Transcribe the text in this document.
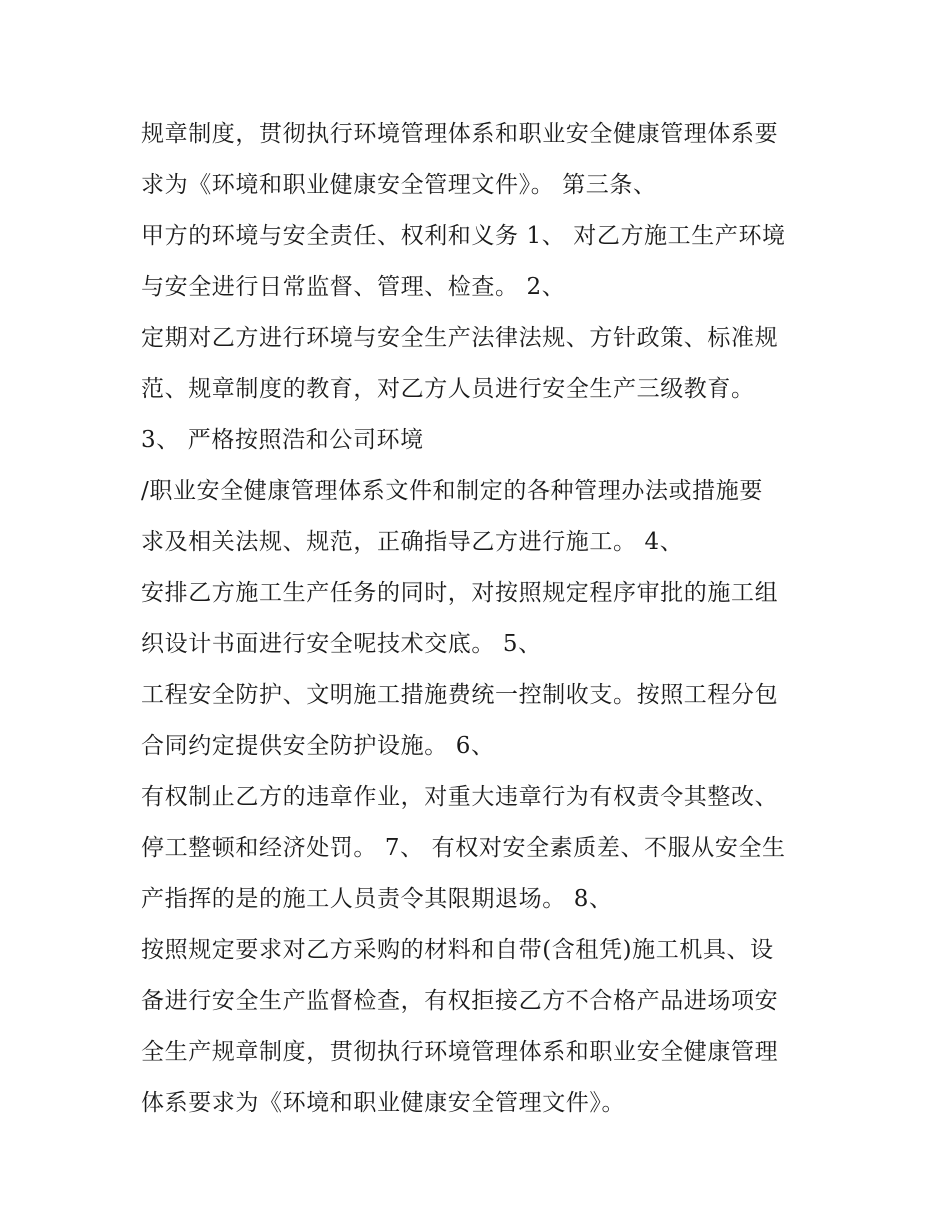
规章制度，贯彻执行环境管理体系和职业安全健康管理体系要
求为《环境和职业健康安全管理文件》。 第三条、
甲方的环境与安全责任、权利和义务 1、 对乙方施工生产环境
与安全进行日常监督、管理、检查。 2、
定期对乙方进行环境与安全生产法律法规、方针政策、标准规
范、规章制度的教育，对乙方人员进行安全生产三级教育。
3、 严格按照浩和公司环境
/职业安全健康管理体系文件和制定的各种管理办法或措施要
求及相关法规、规范，正确指导乙方进行施工。 4、
安排乙方施工生产任务的同时，对按照规定程序审批的施工组
织设计书面进行安全呢技术交底。 5、
工程安全防护、文明施工措施费统一控制收支。按照工程分包
合同约定提供安全防护设施。 6、
有权制止乙方的违章作业，对重大违章行为有权责令其整改、
停工整顿和经济处罚。 7、 有权对安全素质差、不服从安全生
产指挥的是的施工人员责令其限期退场。 8、
按照规定要求对乙方采购的材料和自带(含租凭)施工机具、设
备进行安全生产监督检查，有权拒接乙方不合格产品进场项安
全生产规章制度，贯彻执行环境管理体系和职业安全健康管理
体系要求为《环境和职业健康安全管理文件》。
